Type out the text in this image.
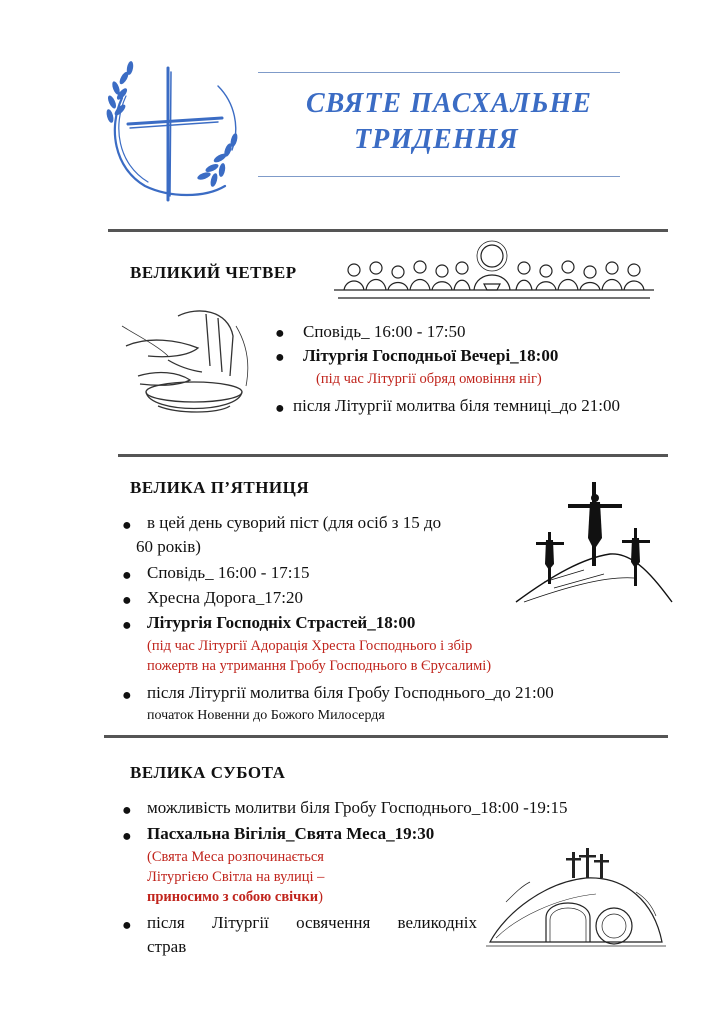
СВЯТЕ ПАСХАЛЬНЕ
ТРИДЕННЯ
ВЕЛИКИЙ ЧЕТВЕР
● Сповідь_ 16:00 - 17:50
● Літургія Господньої Вечері_18:00
(під час Літургії обряд омовіння ніг)
● після Літургії молитва біля темниці_до 21:00
ВЕЛИКА П’ЯТНИЦЯ
● в цей день суворий піст (для осіб з 15 до
60 років)
● Сповідь_ 16:00 - 17:15
● Хресна Дорога_17:20
● Літургія Господніх Страстей_18:00
(під час Літургії Адорація Хреста Господнього і збір
пожертв на утримання Гробу Господнього в Єрусалимі)
● після Літургії молитва біля Гробу Господнього_до 21:00
початок Новенни до Божого Милосердя
ВЕЛИКА СУБОТА
● можливість молитви біля Гробу Господнього_18:00 -19:15
● Пасхальна Вігілія_Свята Меса_19:30
(Свята Меса розпочинається
Літургією Світла на вулиці –
приносимо з собою свічки)
● після Літургії освячення великодніх
страв
